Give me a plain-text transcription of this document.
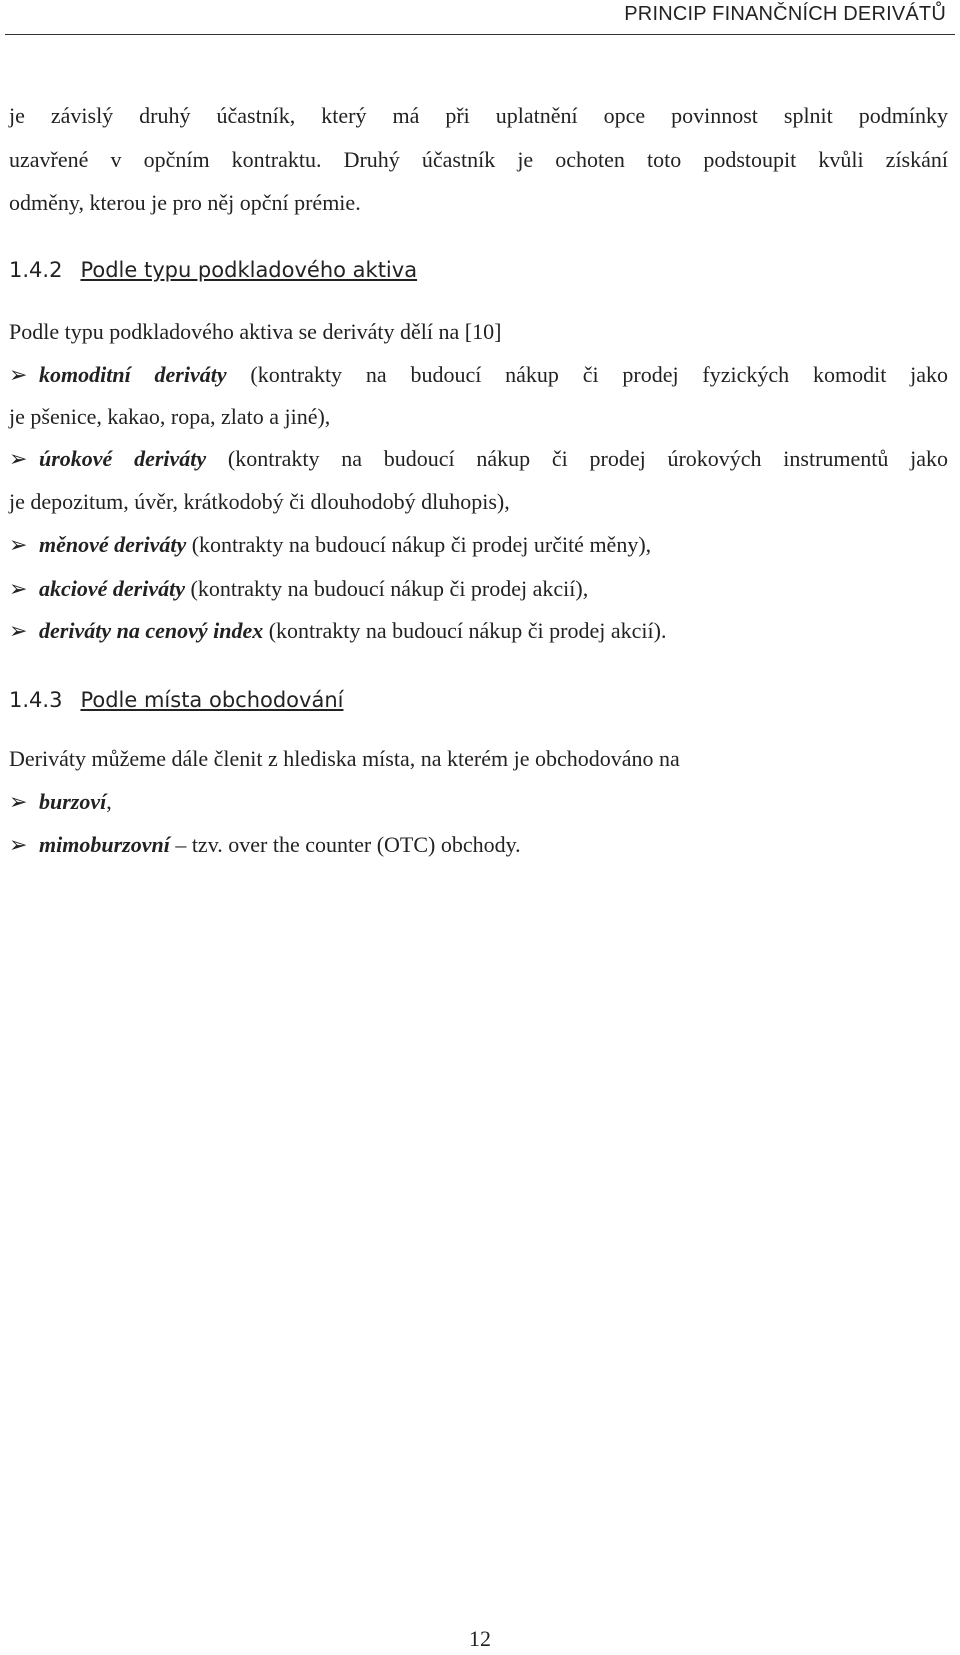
PRINCIP FINANČNÍCH DERIVÁTŮ
je závislý druhý účastník, který má při uplatnění opce povinnost splnit podmínky
uzavřené v opčním kontraktu. Druhý účastník je ochoten toto podstoupit kvůli získání
odměny, kterou je pro něj opční prémie.
1.4.2 Podle typu podkladového aktiva
Podle typu podkladového aktiva se deriváty dělí na [10]
➢ komoditní deriváty (kontrakty na budoucí nákup či prodej fyzických komodit jako
je pšenice, kakao, ropa, zlato a jiné),
➢ úrokové deriváty (kontrakty na budoucí nákup či prodej úrokových instrumentů jako
je depozitum, úvěr, krátkodobý či dlouhodobý dluhopis),
➢ měnové deriváty (kontrakty na budoucí nákup či prodej určité měny),
➢ akciové deriváty (kontrakty na budoucí nákup či prodej akcií),
➢ deriváty na cenový index (kontrakty na budoucí nákup či prodej akcií).
1.4.3 Podle místa obchodování
Deriváty můžeme dále členit z hlediska místa, na kterém je obchodováno na
➢ burzoví,
➢ mimoburzovní – tzv. over the counter (OTC) obchody.
12
